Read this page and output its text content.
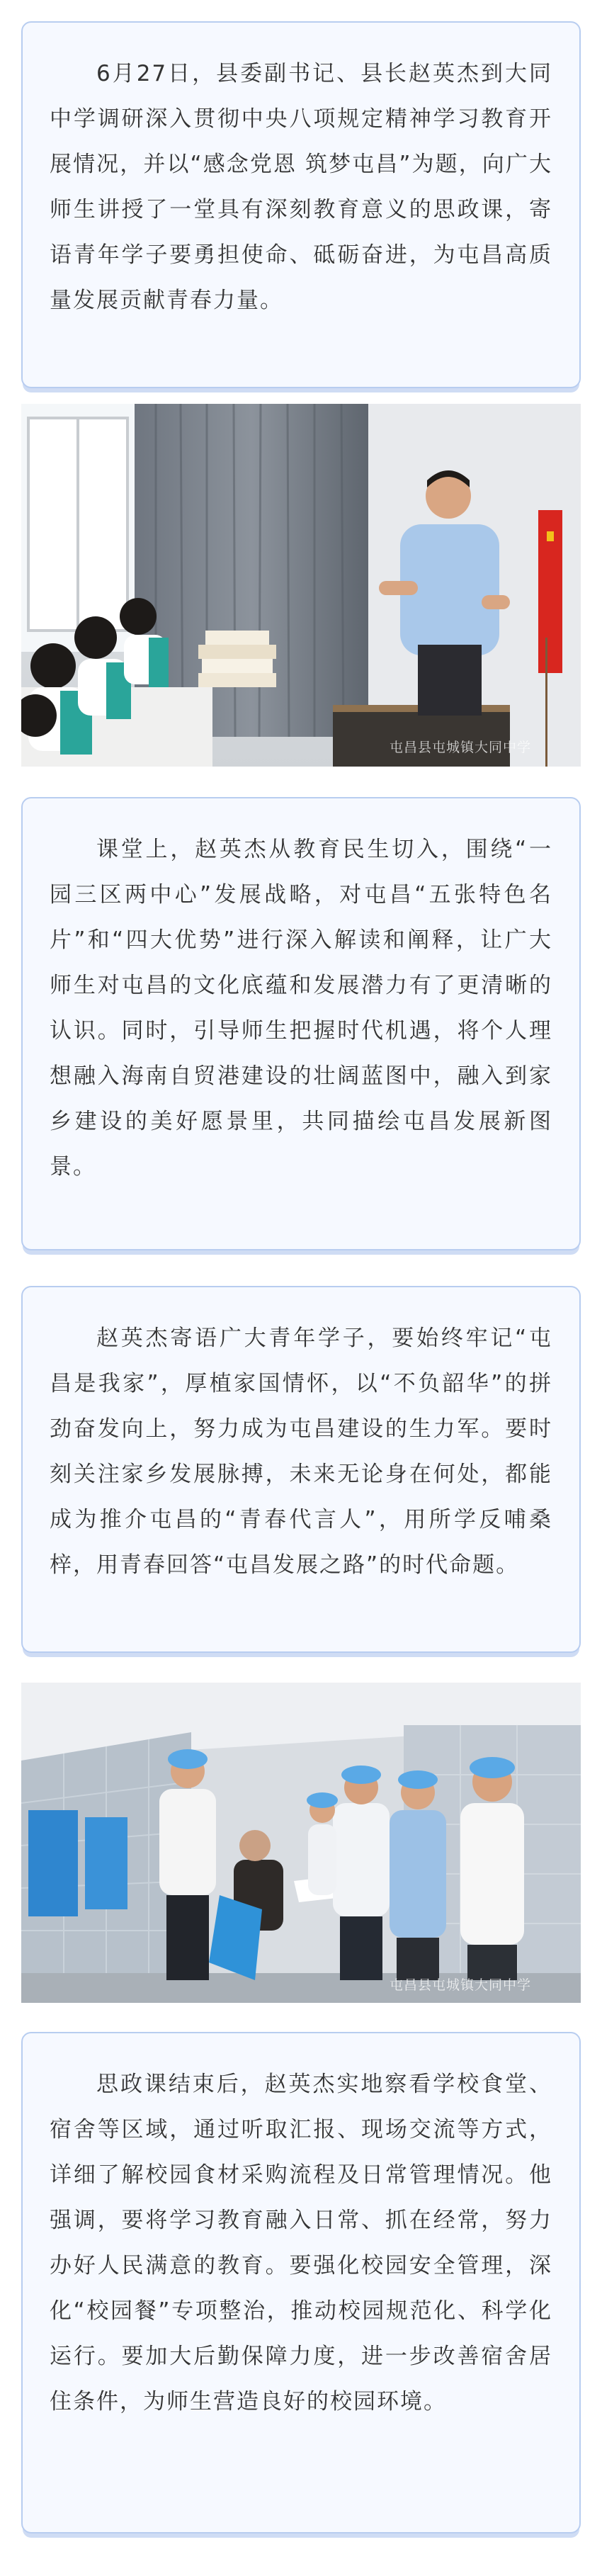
6月27日，县委副书记、县长赵英杰到大同中学调研深入贯彻中央八项规定精神学习教育开展情况，并以“感念党恩 筑梦屯昌”为题，向广大师生讲授了一堂具有深刻教育意义的思政课，寄语青年学子要勇担使命、砥砺奋进，为屯昌高质量发展贡献青春力量。

屯昌县屯城镇大同中学

课堂上，赵英杰从教育民生切入，围绕“一园三区两中心”发展战略，对屯昌“五张特色名片”和“四大优势”进行深入解读和阐释，让广大师生对屯昌的文化底蕴和发展潜力有了更清晰的认识。同时，引导师生把握时代机遇，将个人理想融入海南自贸港建设的壮阔蓝图中，融入到家乡建设的美好愿景里，共同描绘屯昌发展新图景。

赵英杰寄语广大青年学子，要始终牢记“屯昌是我家”，厚植家国情怀，以“不负韶华”的拼劲奋发向上，努力成为屯昌建设的生力军。要时刻关注家乡发展脉搏，未来无论身在何处，都能成为推介屯昌的“青春代言人”，用所学反哺桑梓，用青春回答“屯昌发展之路”的时代命题。

屯昌县屯城镇大同中学

思政课结束后，赵英杰实地察看学校食堂、宿舍等区域，通过听取汇报、现场交流等方式，详细了解校园食材采购流程及日常管理情况。他强调，要将学习教育融入日常、抓在经常，努力办好人民满意的教育。要强化校园安全管理，深化“校园餐”专项整治，推动校园规范化、科学化运行。要加大后勤保障力度，进一步改善宿舍居住条件，为师生营造良好的校园环境。
